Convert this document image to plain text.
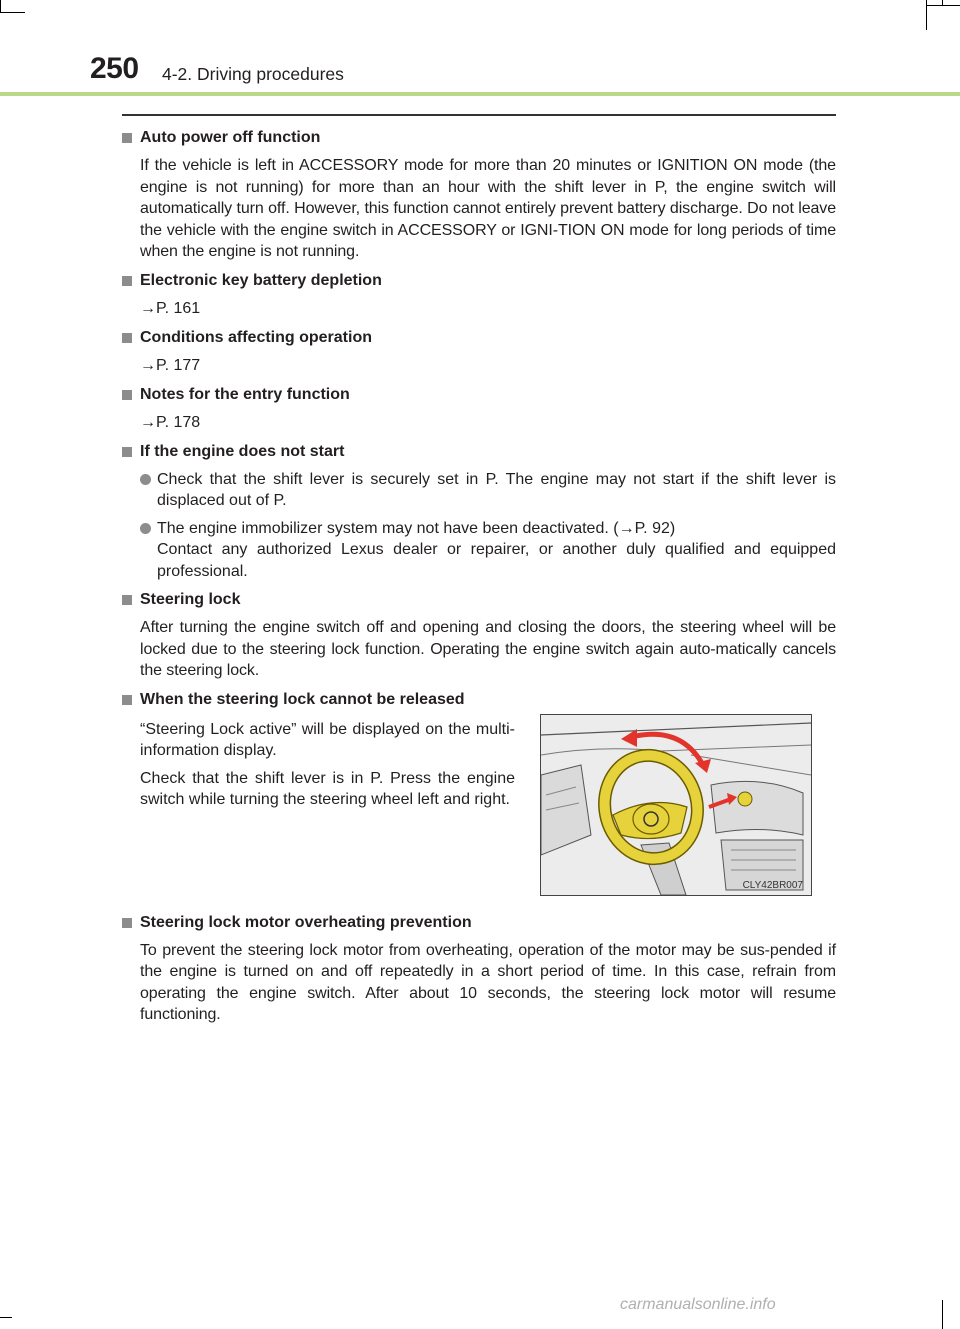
250 4-2. Driving procedures
Auto power off function

If the vehicle is left in ACCESSORY mode for more than 20 minutes or IGNITION ON mode (the engine is not running) for more than an hour with the shift lever in P, the engine switch will automatically turn off. However, this function cannot entirely prevent battery discharge. Do not leave the vehicle with the engine switch in ACCESSORY or IGNI-TION ON mode for long periods of time when the engine is not running.

Electronic key battery depletion
→P. 161
Conditions affecting operation
→P. 177
Notes for the entry function
→P. 178
If the engine does not start
Check that the shift lever is securely set in P. The engine may not start if the shift lever is displaced out of P.
The engine immobilizer system may not have been deactivated. (→P. 92)
Contact any authorized Lexus dealer or repairer, or another duly qualified and equipped professional.
Steering lock

After turning the engine switch off and opening and closing the doors, the steering wheel will be locked due to the steering lock function. Operating the engine switch again auto-matically cancels the steering lock.

When the steering lock cannot be released

“Steering Lock active” will be displayed on the multi-information display.

Check that the shift lever is in P. Press the engine switch while turning the steering wheel left and right.

Steering lock motor overheating prevention

To prevent the steering lock motor from overheating, operation of the motor may be sus-pended if the engine is turned on and off repeatedly in a short period of time. In this case, refrain from operating the engine switch. After about 10 seconds, the steering lock motor will resume functioning.

CLY42BR007
carmanualsonline.info
